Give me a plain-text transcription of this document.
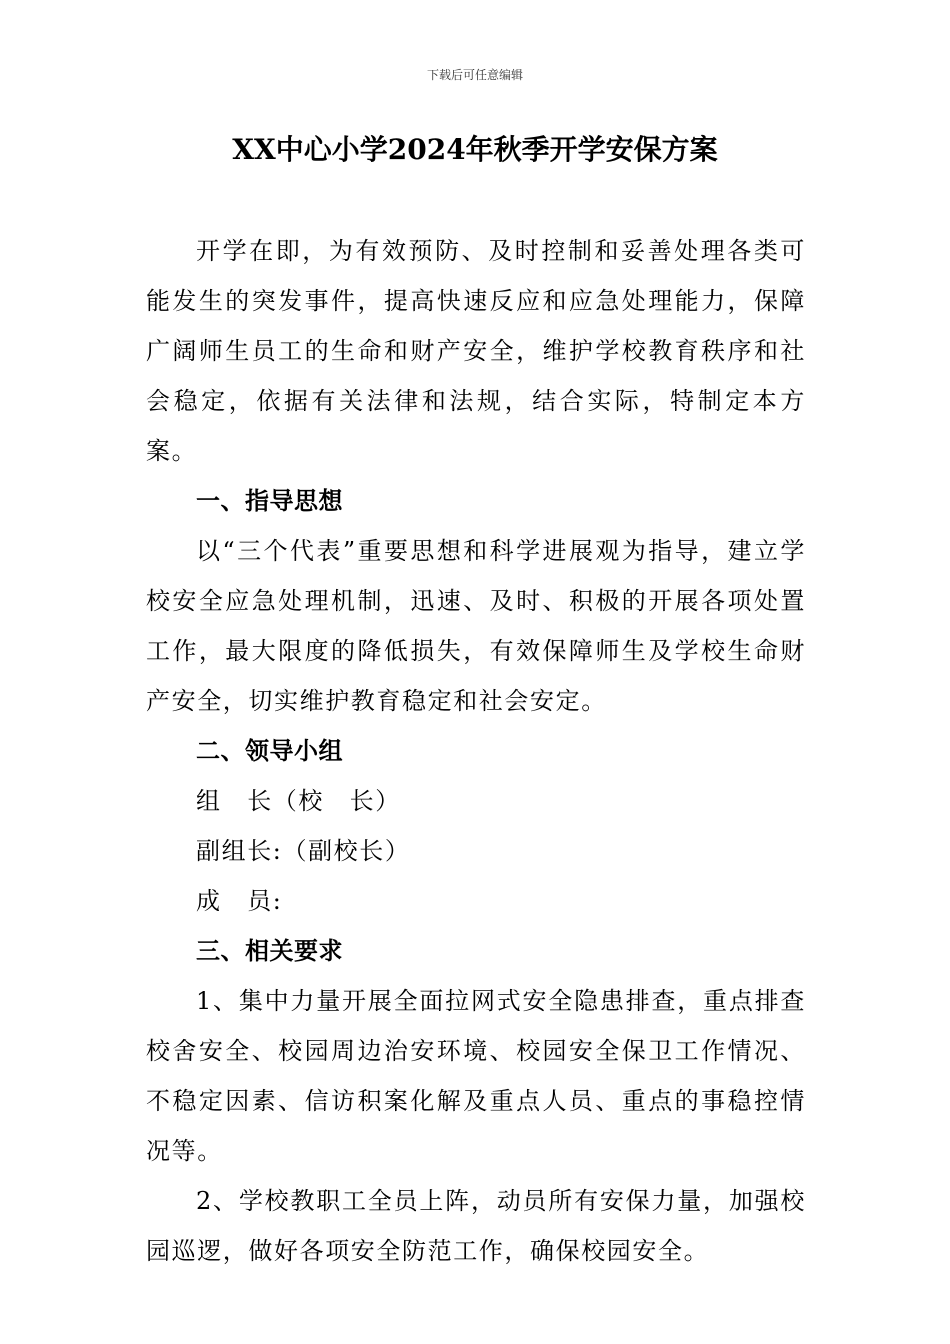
下载后可任意编辑
XX中心小学2024年秋季开学安保方案

开学在即，为有效预防、及时控制和妥善处理各类可能发生的突发事件，提高快速反应和应急处理能力，保障广阔师生员工的生命和财产安全，维护学校教育秩序和社会稳定，依据有关法律和法规，结合实际，特制定本方案。

一、指导思想

以“三个代表”重要思想和科学进展观为指导，建立学校安全应急处理机制，迅速、及时、积极的开展各项处置工作，最大限度的降低损失，有效保障师生及学校生命财产安全，切实维护教育稳定和社会安定。

二、领导小组

组　长（校　长）

副组长:（副校长）

成　员:

三、相关要求

1、集中力量开展全面拉网式安全隐患排查，重点排查校舍安全、校园周边治安环境、校园安全保卫工作情况、不稳定因素、信访积案化解及重点人员、重点的事稳控情况等。

2、学校教职工全员上阵，动员所有安保力量，加强校园巡逻，做好各项安全防范工作，确保校园安全。
